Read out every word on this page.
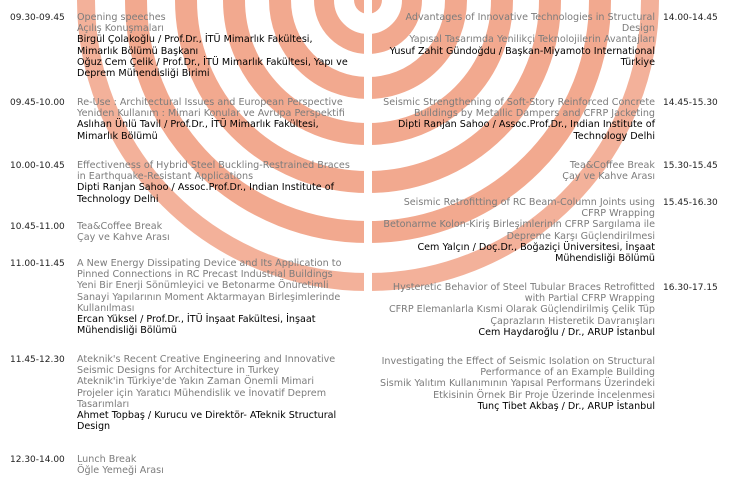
09.30-09.45 Opening speeches
Açılış Konuşmaları
Birgül Çolakoğlu / Prof.Dr., İTÜ Mimarlık Fakültesi,
Mimarlık Bölümü Başkanı
Oğuz Cem Çelik / Prof.Dr., İTÜ Mimarlık Fakültesi, Yapı ve
Deprem Mühendisliği Birimi
09.45-10.00 Re-Use : Architectural Issues and European Perspective
Yeniden Kullanım : Mimari Konular ve Avrupa Perspektifi
Aslıhan Ünlü Tavil / Prof.Dr., İTÜ Mimarlık Fakültesi,
Mimarlık Bölümü
10.00-10.45 Effectiveness of Hybrid Steel Buckling-Restrained Braces
in Earthquake-Resistant Applications
Dipti Ranjan Sahoo / Assoc.Prof.Dr., Indian Institute of
Technology Delhi
10.45-11.00 Tea&Coffee Break
Çay ve Kahve Arası
11.00-11.45 A New Energy Dissipating Device and Its Application to
Pinned Connections in RC Precast Industrial Buildings
Yeni Bir Enerji Sönümleyici ve Betonarme Önüretimli
Sanayi Yapılarının Moment Aktarmayan Birleşimlerinde
Kullanılması
Ercan Yüksel / Prof.Dr., İTÜ İnşaat Fakültesi, İnşaat
Mühendisliği Bölümü
11.45-12.30 Ateknik's Recent Creative Engineering and Innovative
Seismic Designs for Architecture in Turkey
Ateknik'in Türkiye'de Yakın Zaman Önemli Mimari
Projeler için Yaratıcı Mühendislik ve İnovatif Deprem
Tasarımları
Ahmet Topbaş / Kurucu ve Direktör- ATeknik Structural
Design
12.30-14.00 Lunch Break
Öğle Yemeği Arası
14.00-14.45
Advantages of Innovative Technologies in Structural
Design
Yapısal Tasarımda Yenilikçi Teknolojilerin Avantajları
Yusuf Zahit Gündoğdu / Başkan-Miyamoto International
Türkiye
14.45-15.30
Seismic Strengthening of Soft-Story Reinforced Concrete
Buildings by Metallic Dampers and CFRP Jacketing
Dipti Ranjan Sahoo / Assoc.Prof.Dr., Indian Institute of
Technology Delhi
15.30-15.45
Tea&Coffee Break
Çay ve Kahve Arası
15.45-16.30
Seismic Retrofitting of RC Beam-Column Joints using
CFRP Wrapping
Betonarme Kolon-Kiriş Birleşimlerinin CFRP Sargılama ile
Depreme Karşı Güçlendirilmesi
Cem Yalçın / Doç.Dr., Boğaziçi Üniversitesi, İnşaat
Mühendisliği Bölümü
16.30-17.15
Hysteretic Behavior of Steel Tubular Braces Retrofitted
with Partial CFRP Wrapping
CFRP Elemanlarla Kısmi Olarak Güçlendirilmiş Çelik Tüp
Çaprazların Histeretik Davranışları
Cem Haydaroğlu / Dr., ARUP İstanbul
Investigating the Effect of Seismic Isolation on Structural
Performance of an Example Building
Sismik Yalıtım Kullanımının Yapısal Performans Üzerindeki
Etkisinin Örnek Bir Proje Üzerinde İncelenmesi
Tunç Tibet Akbaş / Dr., ARUP İstanbul
